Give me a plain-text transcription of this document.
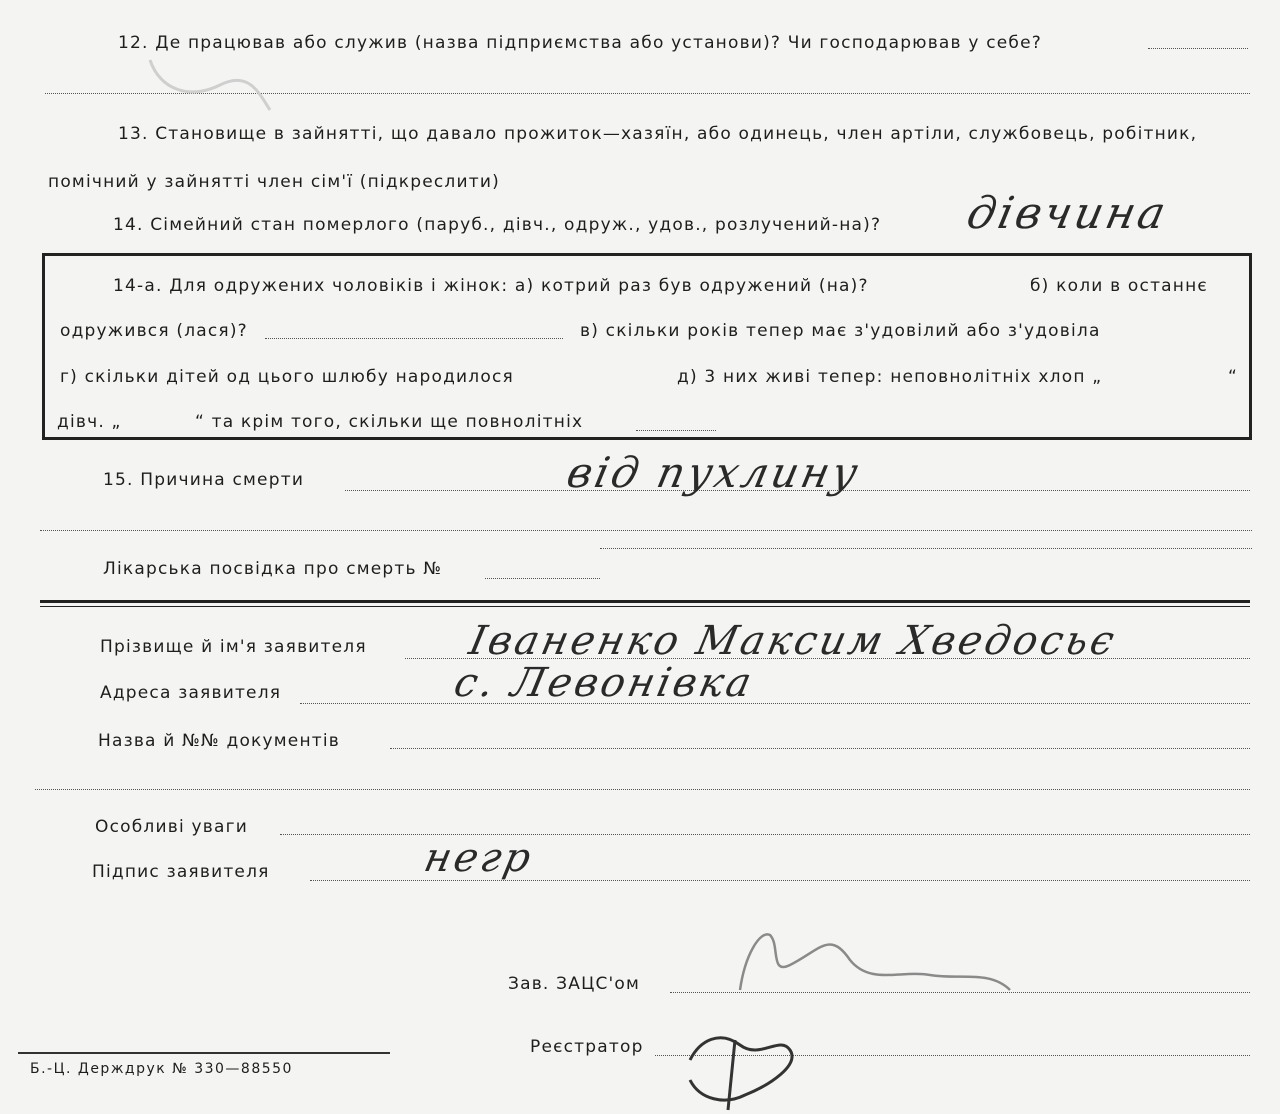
12. Де працював або служив (назва підприємства або установи)? Чи господарював у себе?
13. Становище в зайнятті, що давало прожиток—хазяїн, або одинець, член артіли, службовець, робітник,
помічний у зайнятті член сім'ї (підкреслити)
14. Сімейний стан померлого (паруб., дівч., одруж., удов., розлучений-на)? дівчина
14-а. Для одружених чоловіків і жінок: а) котрий раз був одружений (на)?	б) коли в останнє
одружився (лася)?	в) скільки років тепер має з'удовілий або з'удовіла
г) скільки дітей од цього шлюбу народилося	д) 3 них живі тепер: неповнолітніх хлоп „	“
дівч. „	“ та крім того, скільки ще повнолітніх
15. Причина смерти	від пухлину
Лікарська посвідка про смерть №
Прізвище й ім'я заявителя Іваненко Максим Хведосьє
Адреса заявителя	с. Левонівка
Назва й №№ документів
Особливі уваги
Підпис заявителя	негр
Зав. ЗАЦС'ом
Реєстратор
Б.-Ц. Держдрук № 330—88550
